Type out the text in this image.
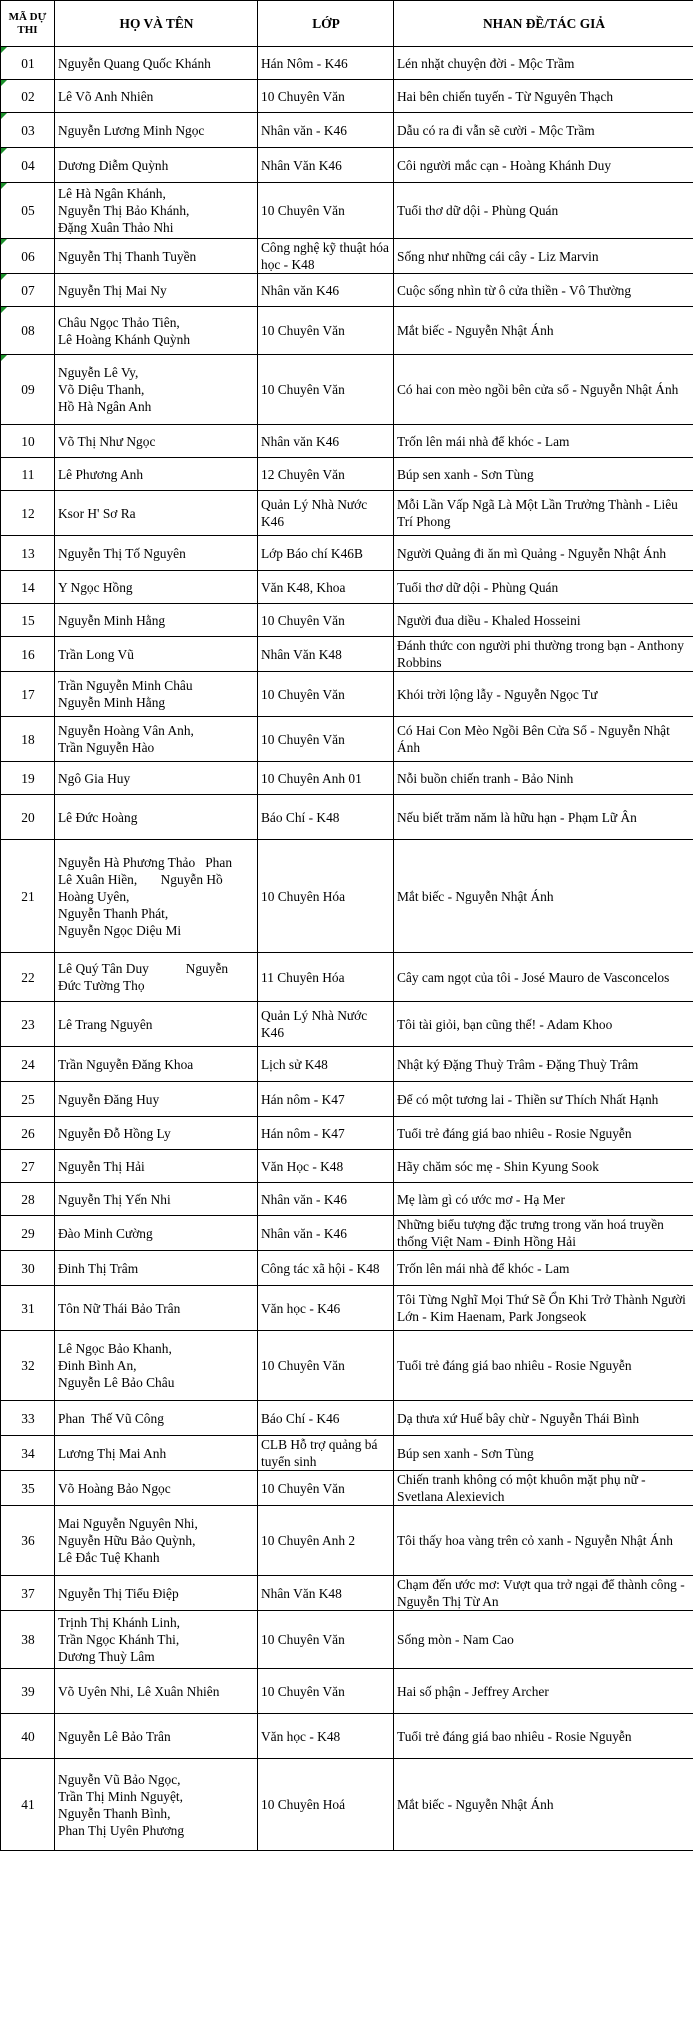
MÃ DỰ THI	HỌ VÀ TÊN	LỚP	NHAN ĐỀ/TÁC GIẢ

01	Nguyễn Quang Quốc Khánh	Hán Nôm - K46	Lén nhặt chuyện đời - Mộc Trầm

02	Lê Võ Anh Nhiên	10 Chuyên Văn	Hai bên chiến tuyến - Từ Nguyên Thạch

03	Nguyễn Lương Minh Ngọc	Nhân văn - K46	Dẫu có ra đi vẫn sẽ cười - Mộc Trầm

04	Dương Diễm Quỳnh	Nhân Văn K46	Côi người mắc cạn - Hoàng Khánh Duy

05	Lê Hà Ngân Khánh,
Nguyễn Thị Bảo Khánh,
Đặng Xuân Thảo Nhi	10 Chuyên Văn	Tuổi thơ dữ dội - Phùng Quán

06	Nguyễn Thị Thanh Tuyền	Công nghệ kỹ thuật hóa học - K48	Sống như những cái cây - Liz Marvin

07	Nguyễn Thị Mai Ny	Nhân văn K46	Cuộc sống nhìn từ ô cửa thiền - Vô Thường

08	Châu Ngọc Thảo Tiên,
Lê Hoàng Khánh Quỳnh	10 Chuyên Văn	Mắt biếc - Nguyễn Nhật Ánh

09	Nguyễn Lê Vy,
Võ Diệu Thanh,
Hồ Hà Ngân Anh	10 Chuyên Văn	Có hai con mèo ngồi bên cửa sổ - Nguyễn Nhật Ánh
10	Võ Thị Như Ngọc	Nhân văn K46	Trốn lên mái nhà để khóc - Lam
11	Lê Phương Anh	12 Chuyên Văn	Búp sen xanh - Sơn Tùng
12	Ksor H' Sơ Ra	Quản Lý Nhà Nước K46	Mỗi Lần Vấp Ngã Là Một Lần Trưởng Thành - Liêu Trí Phong
13	Nguyễn Thị Tố Nguyên	Lớp Báo chí K46B	Người Quảng đi ăn mì Quảng - Nguyễn Nhật Ánh
14	Y Ngọc Hồng	Văn K48, Khoa	Tuổi thơ dữ dội - Phùng Quán
15	Nguyễn Minh Hằng	10 Chuyên Văn	Người đua diều - Khaled Hosseini
16	Trần Long Vũ	Nhân Văn K48	Đánh thức con người phi thường trong bạn - Anthony Robbins
17	Trần Nguyễn Minh Châu
Nguyễn Minh Hằng	10 Chuyên Văn	Khói trời lộng lẫy - Nguyễn Ngọc Tư
18	Nguyễn Hoàng Vân Anh,
Trần Nguyễn Hào	10 Chuyên Văn	Có Hai Con Mèo Ngồi Bên Cửa Sổ - Nguyễn Nhật Ánh
19	Ngô Gia Huy	10 Chuyên Anh 01	Nỗi buồn chiến tranh - Bảo Ninh
20	Lê Đức Hoàng	Báo Chí - K48	Nếu biết trăm năm là hữu hạn - Phạm Lữ Ân
21	Nguyễn Hà Phương Thảo   Phan
Lê Xuân Hiền,       Nguyễn Hồ
Hoàng Uyên,
Nguyễn Thanh Phát,
Nguyễn Ngọc Diệu Mi	10 Chuyên Hóa	Mắt biếc - Nguyễn Nhật Ánh
22	Lê Quý Tân Duy           Nguyễn
Đức Tường Thọ	11 Chuyên Hóa	Cây cam ngọt của tôi - José Mauro de Vasconcelos
23	Lê Trang Nguyên	Quản Lý Nhà Nước K46	Tôi tài giỏi, bạn cũng thế! - Adam Khoo
24	Trần Nguyễn Đăng Khoa	Lịch sử K48	Nhật ký Đặng Thuỳ Trâm - Đặng Thuỳ Trâm
25	Nguyễn Đăng Huy	Hán nôm - K47	Để có một tương lai - Thiền sư Thích Nhất Hạnh
26	Nguyễn Đỗ Hồng Ly	Hán nôm - K47	Tuổi trẻ đáng giá bao nhiêu - Rosie Nguyễn
27	Nguyễn Thị Hải	Văn Học - K48	Hãy chăm sóc mẹ - Shin Kyung Sook
28	Nguyễn Thị Yến Nhi	Nhân văn - K46	Mẹ làm gì có ước mơ - Hạ Mer
29	Đào Minh Cường	Nhân văn - K46	Những biểu tượng đặc trưng trong văn hoá truyền thống Việt Nam - Đinh Hồng Hải
30	Đinh Thị Trâm	Công tác xã hội - K48	Trốn lên mái nhà để khóc - Lam
31	Tôn Nữ Thái Bảo Trân	Văn học - K46	Tôi Từng Nghĩ Mọi Thứ Sẽ Ổn Khi Trở Thành Người Lớn - Kim Haenam, Park Jongseok
32	Lê Ngọc Bảo Khanh,
Đinh Bình An,
Nguyễn Lê Bảo Châu	10 Chuyên Văn	Tuổi trẻ đáng giá bao nhiêu - Rosie Nguyễn
33	Phan  Thế Vũ Công	Báo Chí - K46	Dạ thưa xứ Huế bây chừ - Nguyễn Thái Bình
34	Lương Thị Mai Anh	CLB Hỗ trợ quảng bá tuyển sinh	Búp sen xanh - Sơn Tùng
35	Võ Hoàng Bảo Ngọc	10 Chuyên Văn	Chiến tranh không có một khuôn mặt phụ nữ - Svetlana Alexievich
36	Mai Nguyễn Nguyên Nhi,
Nguyễn Hữu Bảo Quỳnh,
Lê Đắc Tuệ Khanh	10 Chuyên Anh 2	Tôi thấy hoa vàng trên cỏ xanh - Nguyễn Nhật Ánh
37	Nguyễn Thị Tiểu Điệp	Nhân Văn K48	Chạm đến ước mơ: Vượt qua trở ngại để thành công - Nguyễn Thị Từ An
38	Trịnh Thị Khánh Linh,
Trần Ngọc Khánh Thi,
Dương Thuỳ Lâm	10 Chuyên Văn	Sống mòn - Nam Cao
39	Võ Uyên Nhi, Lê Xuân Nhiên	10 Chuyên Văn	Hai số phận - Jeffrey Archer
40	Nguyễn Lê Bảo Trân	Văn học - K48	Tuổi trẻ đáng giá bao nhiêu - Rosie Nguyễn
41	Nguyễn Vũ Bảo Ngọc,
Trần Thị Minh Nguyệt,
Nguyễn Thanh Bình,
Phan Thị Uyên Phương	10 Chuyên Hoá	Mắt biếc - Nguyễn Nhật Ánh
